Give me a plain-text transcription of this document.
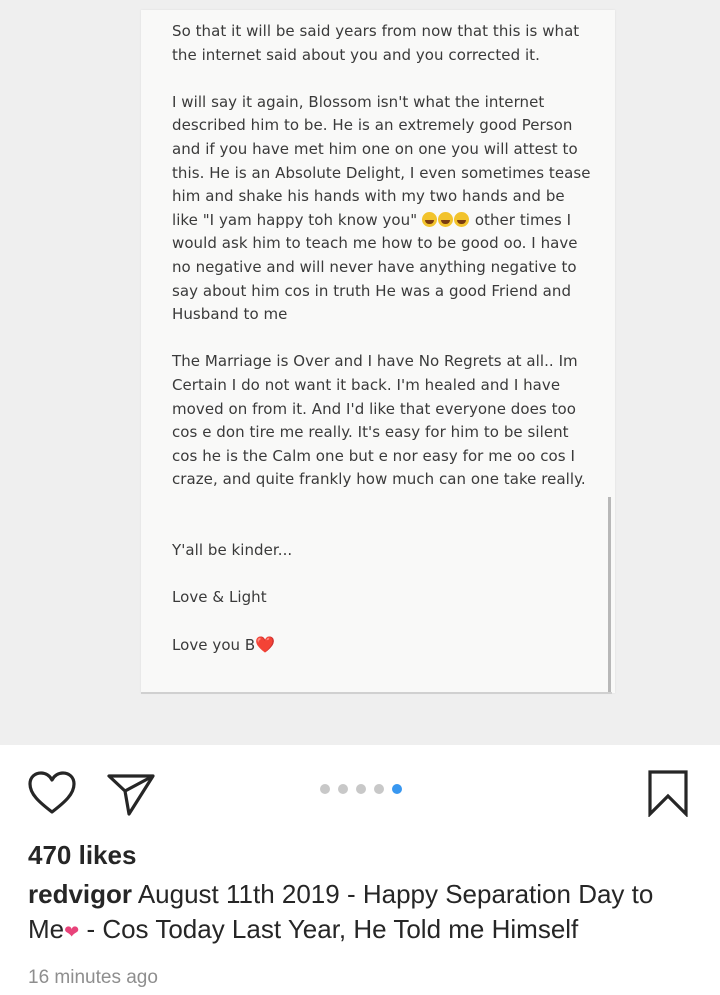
So that it will be said years from now that this is what
the internet said about you and you corrected it.
I will say it again, Blossom isn't what the internet
described him to be. He is an extremely good Person
and if you have met him one on one you will attest to
this. He is an Absolute Delight, I even sometimes tease
him and shake his hands with my two hands and be
like "I yam happy toh know you"	other times I
would ask him to teach me how to be good oo. I have
no negative and will never have anything negative to
say about him cos in truth He was a good Friend and
Husband to me
The Marriage is Over and I have No Regrets at all.. Im
Certain I do not want it back. I'm healed and I have
moved on from it. And I'd like that everyone does too
cos e don tire me really. It's easy for him to be silent
cos he is the Calm one but e nor easy for me oo cos I
craze, and quite frankly how much can one take really.
Y'all be kinder...
Love & Light
Love you B❤️
470 likes
redvigor August 11th 2019 - Happy Separation Day to
Me❤ - Cos Today Last Year, He Told me Himself
16 minutes ago
